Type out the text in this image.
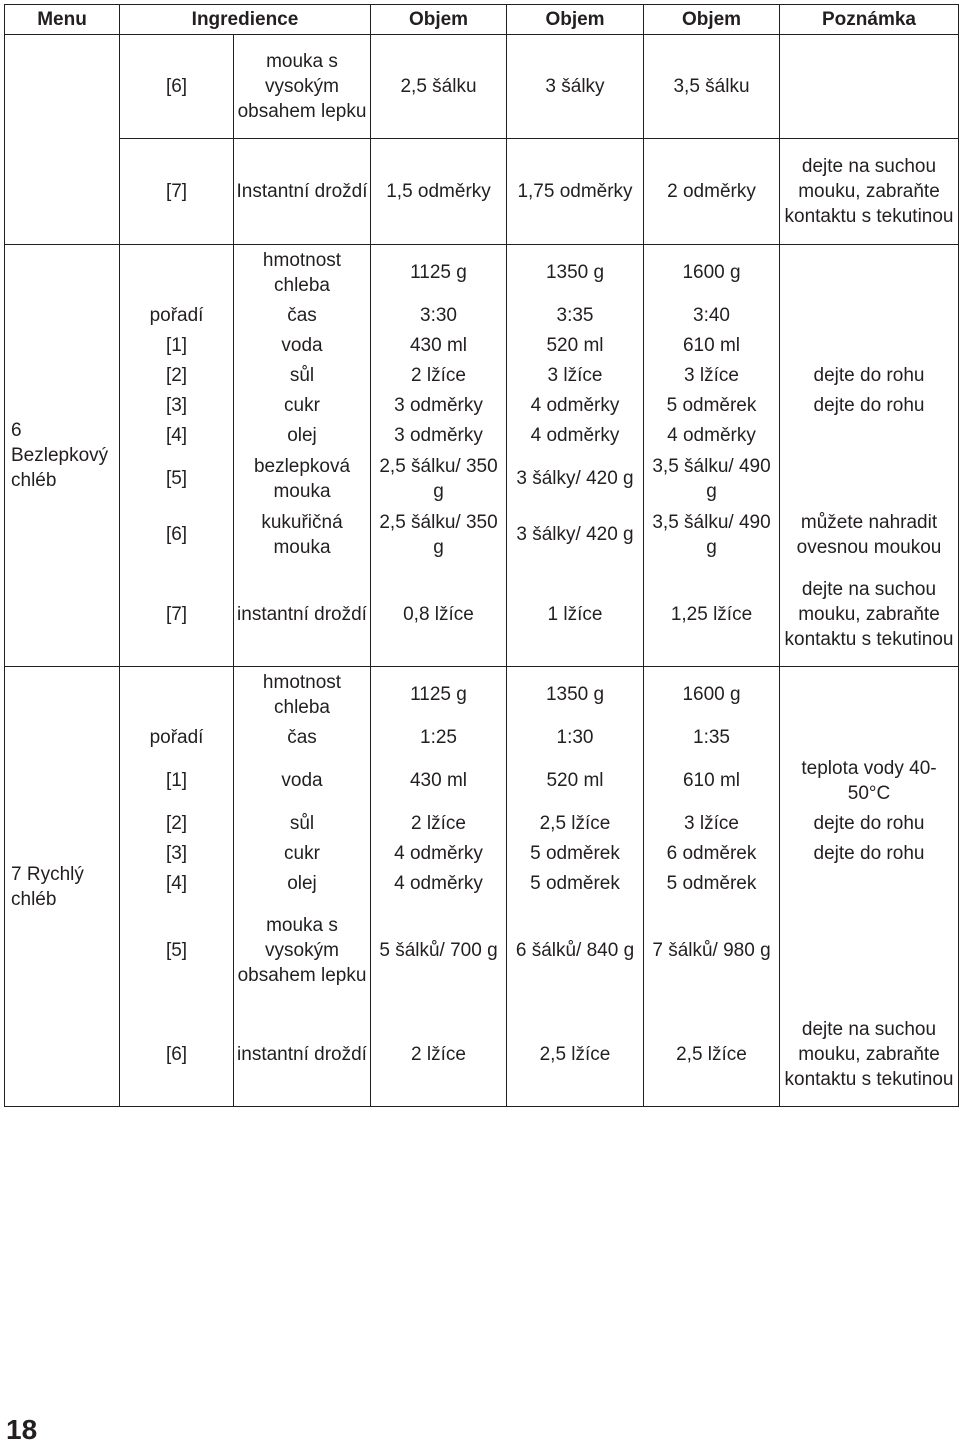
Menu	Ingredience		Objem	Objem	Objem	Poznámka
	[6]	mouka s vysokým obsahem lepku	2,5 šálku	3 šálky	3,5 šálku	
	[7]	Instantní droždí	1,5 odměrky	1,75 odměrky	2 odměrky	dejte na suchou mouku, zabraňte kontaktu s tekutinou
6 Bezlepkový chléb		hmotnost chleba	1125 g	1350 g	1600 g	
	pořadí	čas	3:30	3:35	3:40	
	[1]	voda	430 ml	520 ml	610 ml	
	[2]	sůl	2 lžíce	3 lžíce	3 lžíce	dejte do rohu
	[3]	cukr	3 odměrky	4 odměrky	5 odměrek	dejte do rohu
	[4]	olej	3 odměrky	4 odměrky	4 odměrky	
	[5]	bezlepková mouka	2,5 šálku/ 350 g	3 šálky/ 420 g	3,5 šálku/ 490 g	
	[6]	kukuřičná mouka	2,5 šálku/ 350 g	3 šálky/ 420 g	3,5 šálku/ 490 g	můžete nahradit ovesnou moukou
	[7]	instantní droždí	0,8 lžíce	1 lžíce	1,25 lžíce	dejte na suchou mouku, zabraňte kontaktu s tekutinou
7 Rychlý chléb		hmotnost chleba	1125 g	1350 g	1600 g	
	pořadí	čas	1:25	1:30	1:35	
	[1]	voda	430 ml	520 ml	610 ml	teplota vody 40-50°C
	[2]	sůl	2 lžíce	2,5 lžíce	3 lžíce	dejte do rohu
	[3]	cukr	4 odměrky	5 odměrek	6 odměrek	dejte do rohu
	[4]	olej	4 odměrky	5 odměrek	5 odměrek	
	[5]	mouka s vysokým obsahem lepku	5 šálků/ 700 g	6 šálků/ 840 g	7 šálků/ 980 g	
	[6]	instantní droždí	2 lžíce	2,5 lžíce	2,5 lžíce	dejte na suchou mouku, zabraňte kontaktu s tekutinou
18
